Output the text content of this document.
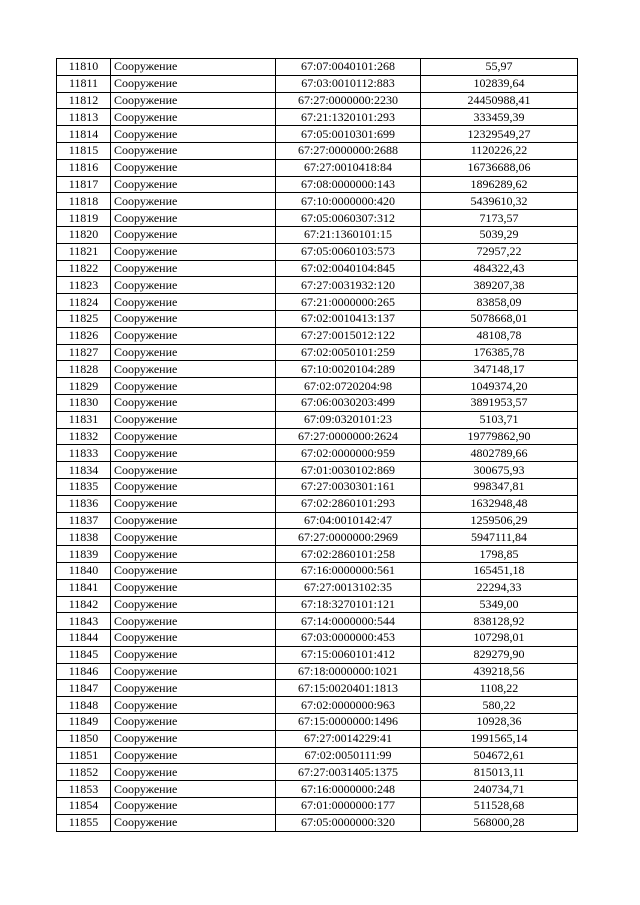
11810	Сооружение	67:07:0040101:268	55,97
11811	Сооружение	67:03:0010112:883	102839,64
11812	Сооружение	67:27:0000000:2230	24450988,41
11813	Сооружение	67:21:1320101:293	333459,39
11814	Сооружение	67:05:0010301:699	12329549,27
11815	Сооружение	67:27:0000000:2688	1120226,22
11816	Сооружение	67:27:0010418:84	16736688,06
11817	Сооружение	67:08:0000000:143	1896289,62
11818	Сооружение	67:10:0000000:420	5439610,32
11819	Сооружение	67:05:0060307:312	7173,57
11820	Сооружение	67:21:1360101:15	5039,29
11821	Сооружение	67:05:0060103:573	72957,22
11822	Сооружение	67:02:0040104:845	484322,43
11823	Сооружение	67:27:0031932:120	389207,38
11824	Сооружение	67:21:0000000:265	83858,09
11825	Сооружение	67:02:0010413:137	5078668,01
11826	Сооружение	67:27:0015012:122	48108,78
11827	Сооружение	67:02:0050101:259	176385,78
11828	Сооружение	67:10:0020104:289	347148,17
11829	Сооружение	67:02:0720204:98	1049374,20
11830	Сооружение	67:06:0030203:499	3891953,57
11831	Сооружение	67:09:0320101:23	5103,71
11832	Сооружение	67:27:0000000:2624	19779862,90
11833	Сооружение	67:02:0000000:959	4802789,66
11834	Сооружение	67:01:0030102:869	300675,93
11835	Сооружение	67:27:0030301:161	998347,81
11836	Сооружение	67:02:2860101:293	1632948,48
11837	Сооружение	67:04:0010142:47	1259506,29
11838	Сооружение	67:27:0000000:2969	5947111,84
11839	Сооружение	67:02:2860101:258	1798,85
11840	Сооружение	67:16:0000000:561	165451,18
11841	Сооружение	67:27:0013102:35	22294,33
11842	Сооружение	67:18:3270101:121	5349,00
11843	Сооружение	67:14:0000000:544	838128,92
11844	Сооружение	67:03:0000000:453	107298,01
11845	Сооружение	67:15:0060101:412	829279,90
11846	Сооружение	67:18:0000000:1021	439218,56
11847	Сооружение	67:15:0020401:1813	1108,22
11848	Сооружение	67:02:0000000:963	580,22
11849	Сооружение	67:15:0000000:1496	10928,36
11850	Сооружение	67:27:0014229:41	1991565,14
11851	Сооружение	67:02:0050111:99	504672,61
11852	Сооружение	67:27:0031405:1375	815013,11
11853	Сооружение	67:16:0000000:248	240734,71
11854	Сооружение	67:01:0000000:177	511528,68
11855	Сооружение	67:05:0000000:320	568000,28
